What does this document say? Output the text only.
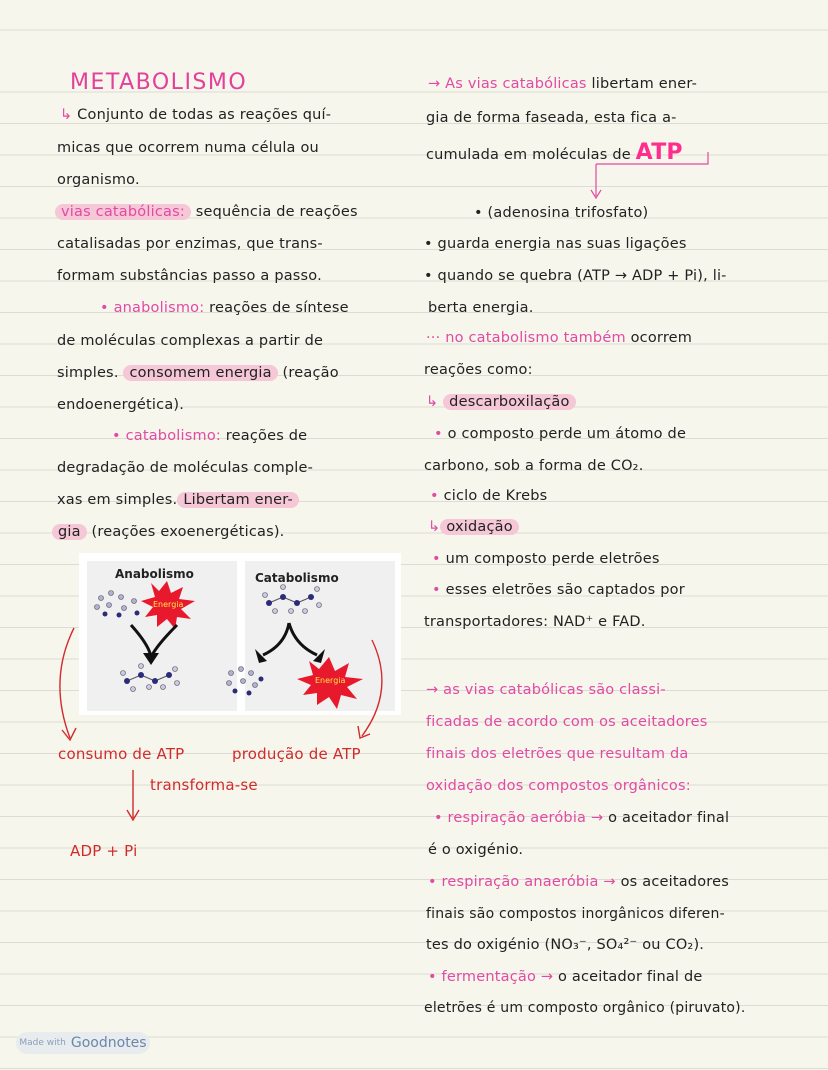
METABOLISMO
↳ Conjunto de todas as reações quí-
micas que ocorrem numa célula ou
organismo.
vias catabólicas: sequência de reações
catalisadas por enzimas, que trans-
formam substâncias passo a passo.
• anabolismo: reações de síntese
de moléculas complexas a partir de
simples. consomem energia (reação
endoenergética).
• catabolismo: reações de
degradação de moléculas comple-
xas em simples. Libertam ener-
gia (reações exoenergéticas).
Anabolismo	Catabolismo
Energia
Energia
consumo de ATP	produção de ATP
transforma-se
ADP + Pi
→ As vias catabólicas libertam ener-
gia de forma faseada, esta fica a-
cumulada em moléculas de ATP
• (adenosina trifosfato)
• guarda energia nas suas ligações
• quando se quebra (ATP → ADP + Pi), li-
berta energia.
··· no catabolismo também ocorrem
reações como:
↳ descarboxilação
• o composto perde um átomo de
carbono, sob a forma de CO₂.
• ciclo de Krebs
↳ oxidação
• um composto perde eletrões
• esses eletrões são captados por
transportadores: NAD⁺ e FAD.
→ as vias catabólicas são classi-
ficadas de acordo com os aceitadores
finais dos eletrões que resultam da
oxidação dos compostos orgânicos:
• respiração aeróbia → o aceitador final
é o oxigénio.
• respiração anaeróbia → os aceitadores
finais são compostos inorgânicos diferen-
tes do oxigénio (NO₃⁻, SO₄²⁻ ou CO₂).
• fermentação → o aceitador final de
eletrões é um composto orgânico (piruvato).
Made with Goodnotes
